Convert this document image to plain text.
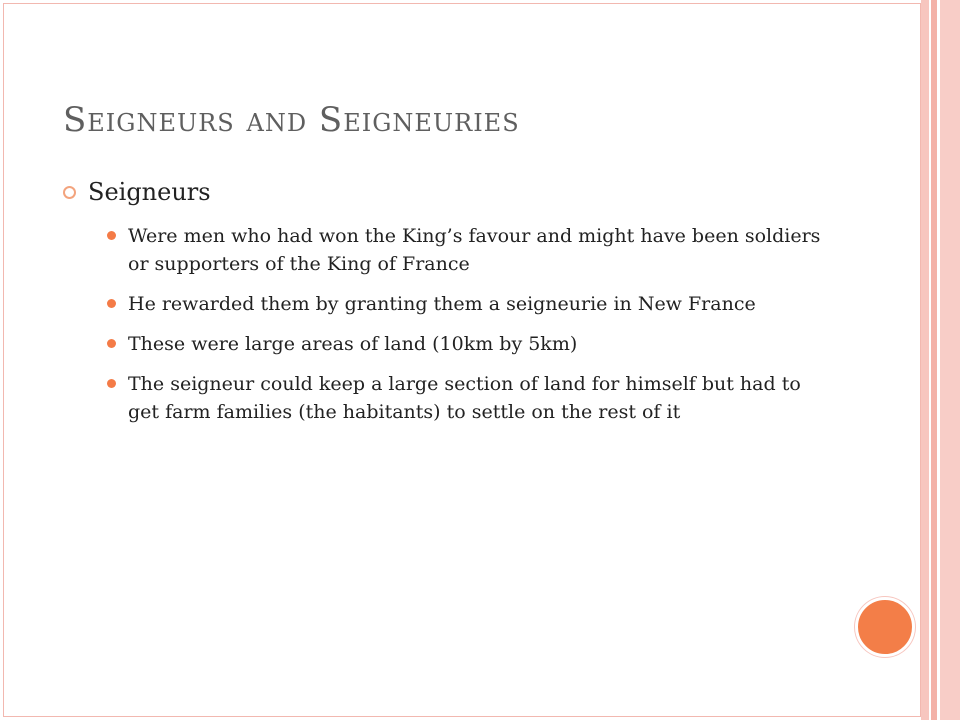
Seigneurs and Seigneuries
Seigneurs
Were men who had won the King’s favour and might have been soldiers or supporters of the King of France
He rewarded them by granting them a seigneurie in New France
These were large areas of land (10km by 5km)
The seigneur could keep a large section of land for himself but had to get farm families (the habitants) to settle on the rest of it
